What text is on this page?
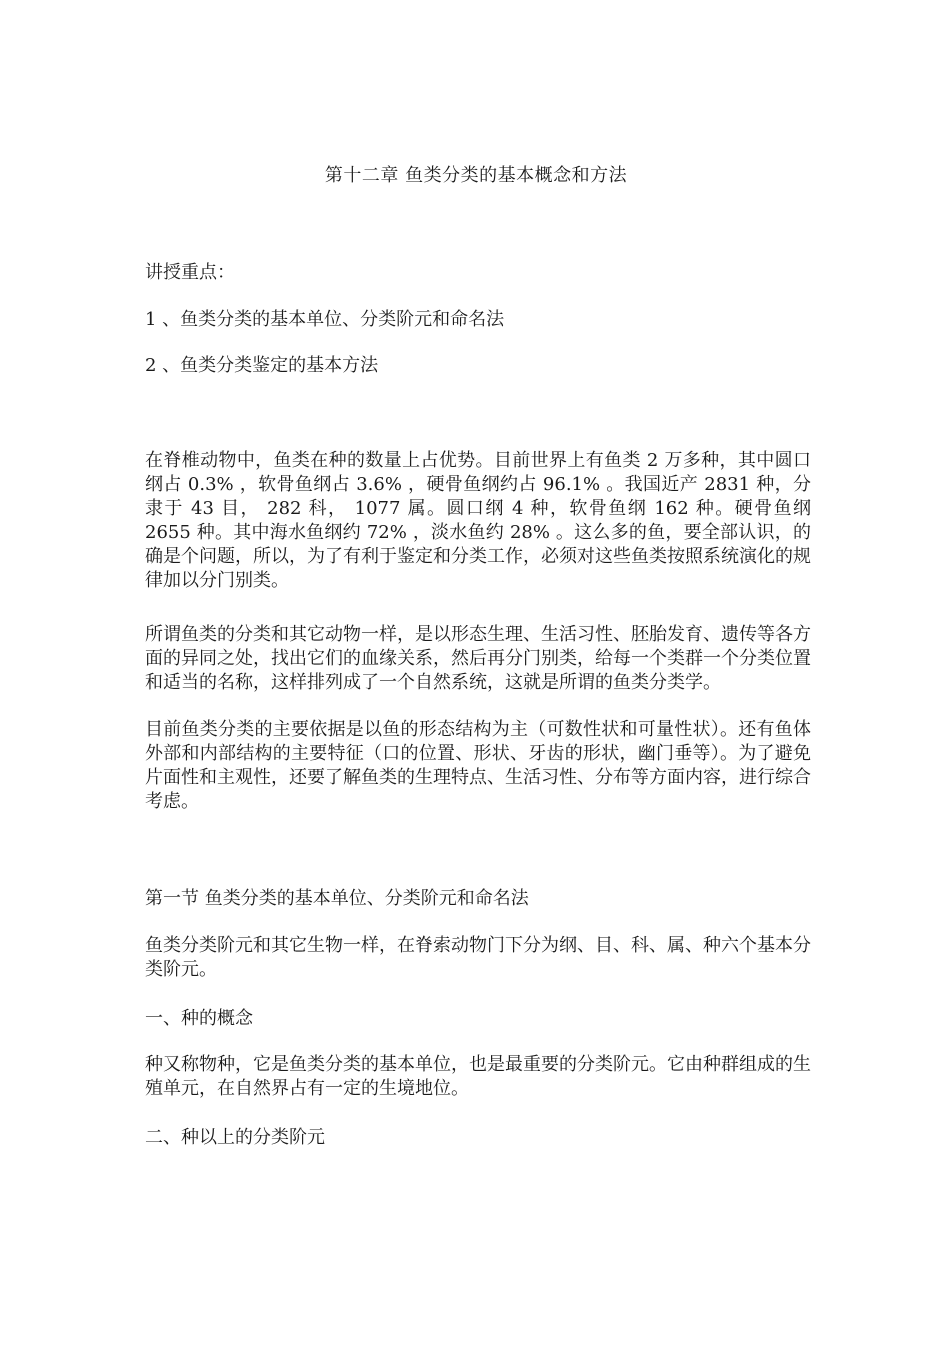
第十二章 鱼类分类的基本概念和方法
讲授重点：
1 、鱼类分类的基本单位、分类阶元和命名法
2 、鱼类分类鉴定的基本方法
在脊椎动物中，鱼类在种的数量上占优势。目前世界上有鱼类 2 万多种，其中圆口纲占 0.3% ，软骨鱼纲占 3.6% ，硬骨鱼纲约占 96.1% 。我国近产 2831 种，分隶于 43 目， 282 科， 1077 属。圆口纲 4 种，软骨鱼纲 162 种。硬骨鱼纲 2655 种。其中海水鱼纲约 72% ，淡水鱼约 28% 。这么多的鱼，要全部认识，的确是个问题，所以，为了有利于鉴定和分类工作，必须对这些鱼类按照系统演化的规律加以分门别类。
所谓鱼类的分类和其它动物一样，是以形态生理、生活习性、胚胎发育、遗传等各方面的异同之处，找出它们的血缘关系，然后再分门别类，给每一个类群一个分类位置和适当的名称，这样排列成了一个自然系统，这就是所谓的鱼类分类学。
目前鱼类分类的主要依据是以鱼的形态结构为主（可数性状和可量性状）。还有鱼体外部和内部结构的主要特征（口的位置、形状、牙齿的形状，幽门垂等）。为了避免片面性和主观性，还要了解鱼类的生理特点、生活习性、分布等方面内容，进行综合考虑。
第一节 鱼类分类的基本单位、分类阶元和命名法
鱼类分类阶元和其它生物一样，在脊索动物门下分为纲、目、科、属、种六个基本分类阶元。
一、种的概念
种又称物种，它是鱼类分类的基本单位，也是最重要的分类阶元。它由种群组成的生殖单元，在自然界占有一定的生境地位。
二、种以上的分类阶元
